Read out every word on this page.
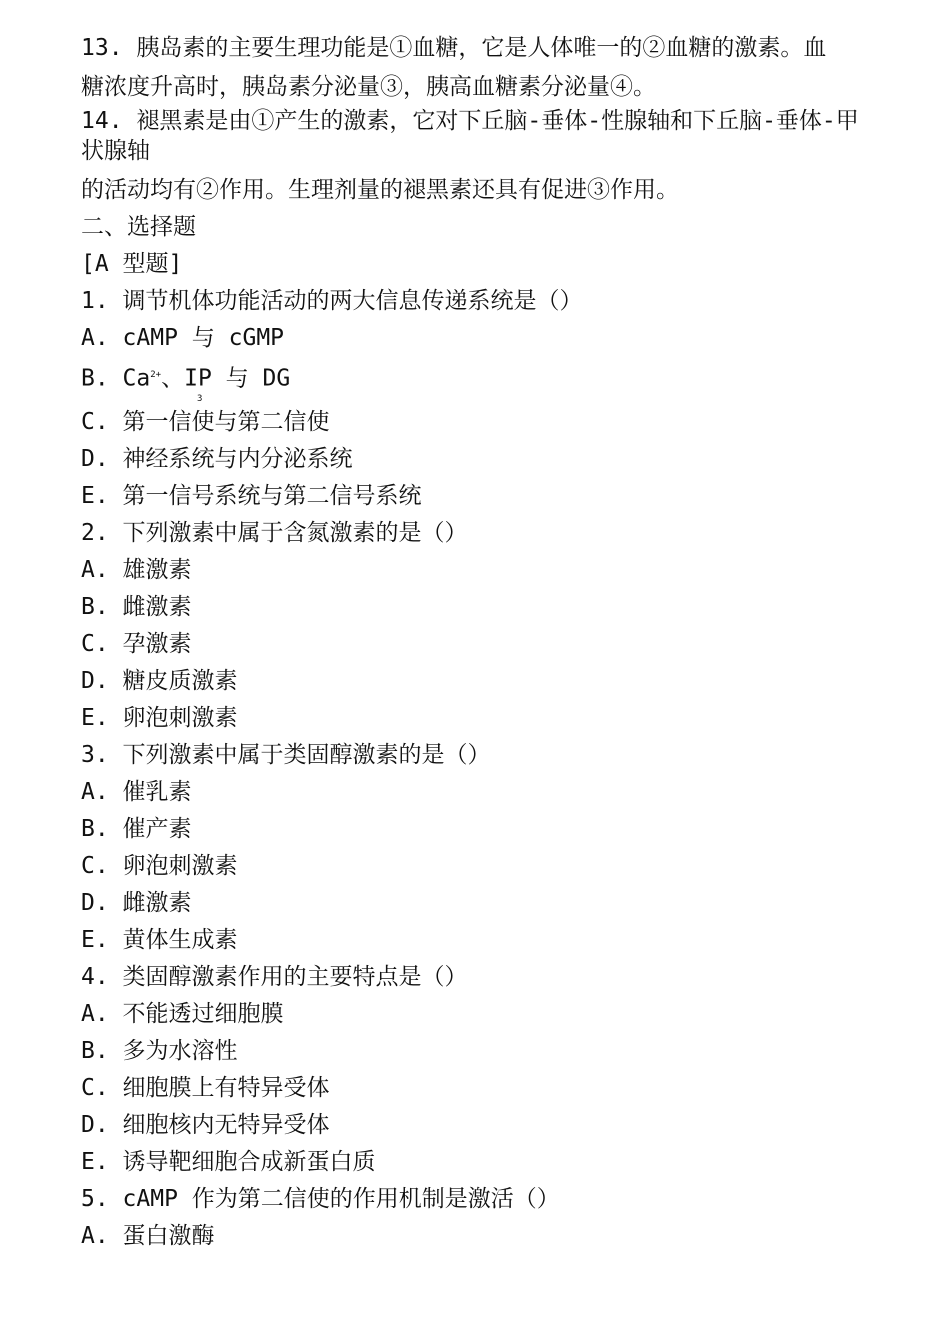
13. 胰岛素的主要生理功能是①血糖，它是人体唯一的②血糖的激素。血
糖浓度升高时，胰岛素分泌量③，胰高血糖素分泌量④。
14. 褪黑素是由①产生的激素，它对下丘脑-垂体-性腺轴和下丘脑-垂体-甲状腺轴
的活动均有②作用。生理剂量的褪黑素还具有促进③作用。
二、选择题
[A 型题]
1. 调节机体功能活动的两大信息传递系统是（）
A. cAMP 与 cGMP
B. $Ca^{2+}$、IP 与 DG
3
C. 第一信使与第二信使
D. 神经系统与内分泌系统
E. 第一信号系统与第二信号系统
2. 下列激素中属于含氮激素的是（）
A. 雄激素
B. 雌激素
C. 孕激素
D. 糖皮质激素
E. 卵泡刺激素
3. 下列激素中属于类固醇激素的是（）
A. 催乳素
B. 催产素
C. 卵泡刺激素
D. 雌激素
E. 黄体生成素
4. 类固醇激素作用的主要特点是（）
A. 不能透过细胞膜
B. 多为水溶性
C. 细胞膜上有特异受体
D. 细胞核内无特异受体
E. 诱导靶细胞合成新蛋白质
5. cAMP 作为第二信使的作用机制是激活（）
A. 蛋白激酶
